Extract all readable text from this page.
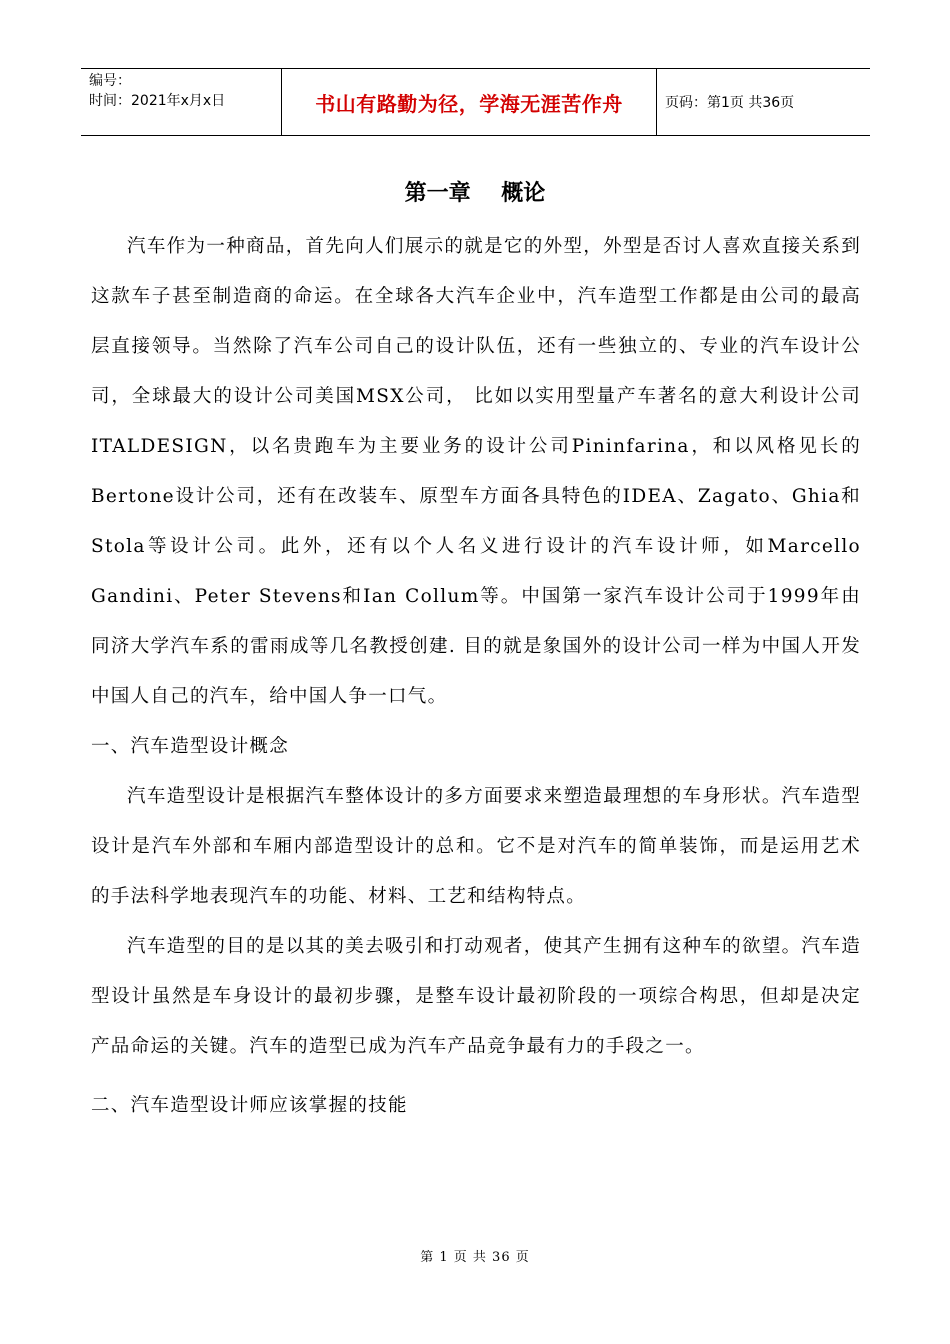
编号：
时间：2021年x月x日	书山有路勤为径，学海无涯苦作舟	页码：第1页 共36页
第一章    概论

汽车作为一种商品，首先向人们展示的就是它的外型，外型是否讨人喜欢直接关系到这款车子甚至制造商的命运。在全球各大汽车企业中，汽车造型工作都是由公司的最高层直接领导。当然除了汽车公司自己的设计队伍，还有一些独立的、专业的汽车设计公司，全球最大的设计公司美国MSX公司， 比如以实用型量产车著名的意大利设计公司ITALDESIGN，以名贵跑车为主要业务的设计公司Pininfarina，和以风格见长的Bertone设计公司，还有在改装车、原型车方面各具特色的IDEA、Zagato、Ghia和Stola等设计公司。此外，还有以个人名义进行设计的汽车设计师，如Marcello Gandini、Peter Stevens和Ian Collum等。中国第一家汽车设计公司于1999年由同济大学汽车系的雷雨成等几名教授创建. 目的就是象国外的设计公司一样为中国人开发中国人自己的汽车，给中国人争一口气。

一、汽车造型设计概念

汽车造型设计是根据汽车整体设计的多方面要求来塑造最理想的车身形状。汽车造型设计是汽车外部和车厢内部造型设计的总和。它不是对汽车的简单装饰，而是运用艺术的手法科学地表现汽车的功能、材料、工艺和结构特点。

汽车造型的目的是以其的美去吸引和打动观者，使其产生拥有这种车的欲望。汽车造型设计虽然是车身设计的最初步骤，是整车设计最初阶段的一项综合构思，但却是决定产品命运的关键。汽车的造型已成为汽车产品竞争最有力的手段之一。

二、汽车造型设计师应该掌握的技能

第 1 页 共 36 页
